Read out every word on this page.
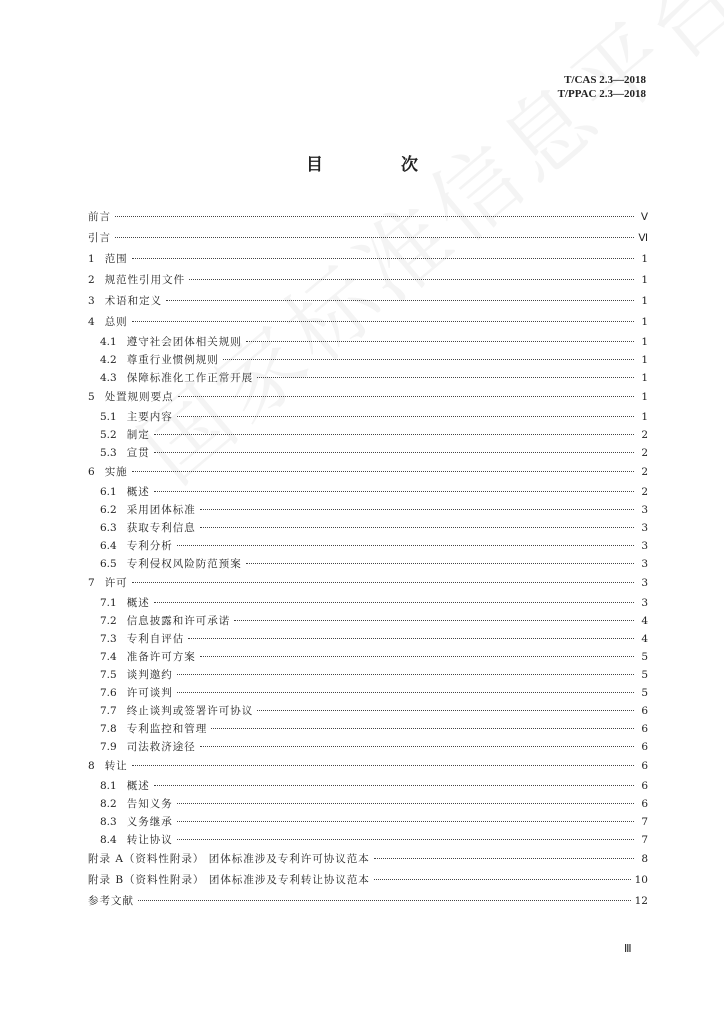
T/CAS 2.3—2018
T/PPAC 2.3—2018
目 次
前言	Ⅴ
引言	Ⅵ
1 范围	1
2 规范性引用文件	1
3 术语和定义	1
4 总则	1
4.1 遵守社会团体相关规则	1
4.2 尊重行业惯例规则	1
4.3 保障标准化工作正常开展	1
5 处置规则要点	1
5.1 主要内容	1
5.2 制定	2
5.3 宣贯	2
6 实施	2
6.1 概述	2
6.2 采用团体标准	3
6.3 获取专利信息	3
6.4 专利分析	3
6.5 专利侵权风险防范预案	3
7 许可	3
7.1 概述	3
7.2 信息披露和许可承诺	4
7.3 专利自评估	4
7.4 准备许可方案	5
7.5 谈判邀约	5
7.6 许可谈判	5
7.7 终止谈判或签署许可协议	6
7.8 专利监控和管理	6
7.9 司法救济途径	6
8 转让	6
8.1 概述	6
8.2 告知义务	6
8.3 义务继承	7
8.4 转让协议	7
附录 A（资料性附录） 团体标准涉及专利许可协议范本	8
附录 B（资料性附录） 团体标准涉及专利转让协议范本	10
参考文献	12
Ⅲ
